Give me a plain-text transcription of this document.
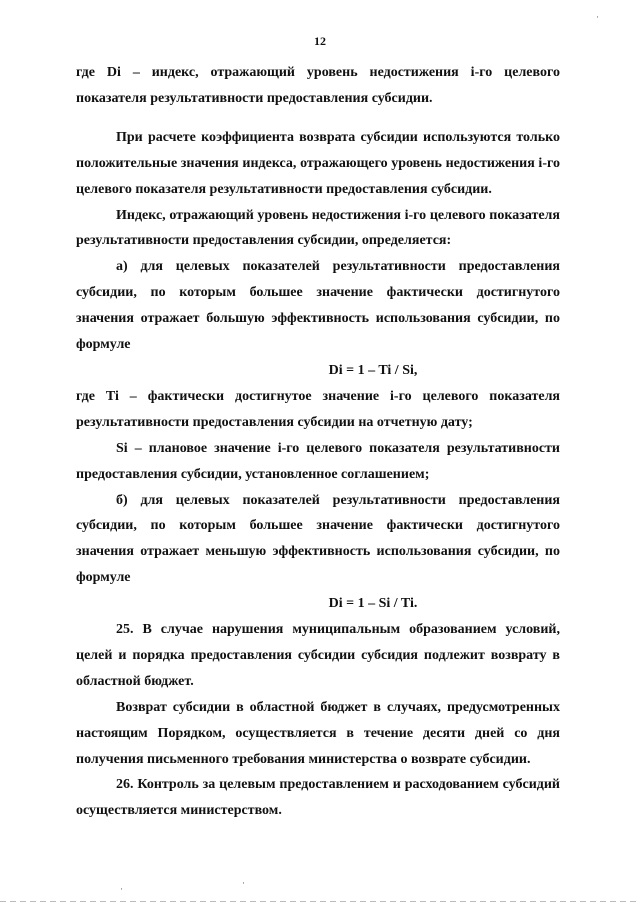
12

где Di – индекс, отражающий уровень недостижения i-го целевого показателя результативности предоставления субсидии.

При расчете коэффициента возврата субсидии используются только положительные значения индекса, отражающего уровень недостижения i-го целевого показателя результативности предоставления субсидии.

Индекс, отражающий уровень недостижения i-го целевого показателя результативности предоставления субсидии, определяется:

а) для целевых показателей результативности предоставления субсидии, по которым большее значение фактически достигнутого значения отражает большую эффективность использования субсидии, по формуле

Di = 1 – Ti / Si,

где Ti – фактически достигнутое значение i-го целевого показателя результативности предоставления субсидии на отчетную дату;

Si – плановое значение i-го целевого показателя результативности предоставления субсидии, установленное соглашением;

б) для целевых показателей результативности предоставления субсидии, по которым большее значение фактически достигнутого значения отражает меньшую эффективность использования субсидии, по формуле

Di = 1 – Si / Ti.

25. В случае нарушения муниципальным образованием условий, целей и порядка предоставления субсидии субсидия подлежит возврату в областной бюджет.

Возврат субсидии в областной бюджет в случаях, предусмотренных настоящим Порядком, осуществляется в течение десяти дней со дня получения письменного требования министерства о возврате субсидии.

26. Контроль за целевым предоставлением и расходованием субсидий осуществляется министерством.

·
·
·
